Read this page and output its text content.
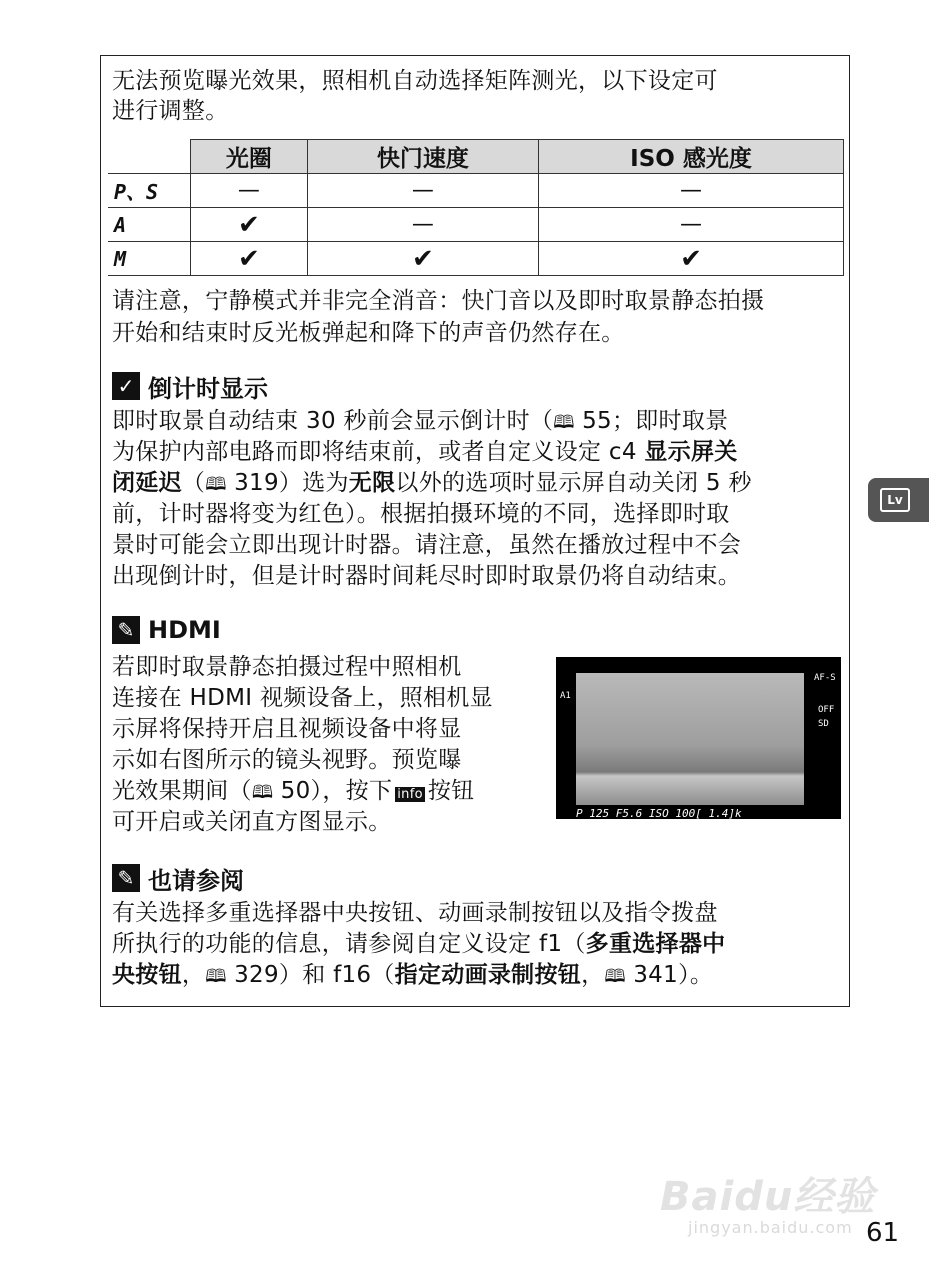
无法预览曝光效果，照相机自动选择矩阵测光，以下设定可

进行调整。

	光圈	快门速度	ISO 感光度
P、S	—	—	—
A	✔	—	—
M	✔	✔	✔

请注意，宁静模式并非完全消音：快门音以及即时取景静态拍摄

开始和结束时反光板弹起和降下的声音仍然存在。

✓ 倒计时显示

即时取景自动结束 30 秒前会显示倒计时（🕮 55；即时取景

为保护内部电路而即将结束前，或者自定义设定 c4 显示屏关

闭延迟（🕮 319）选为无限以外的选项时显示屏自动关闭 5 秒

前，计时器将变为红色）。根据拍摄环境的不同，选择即时取

景时可能会立即出现计时器。请注意，虽然在播放过程中不会

出现倒计时，但是计时器时间耗尽时即时取景仍将自动结束。

✎ HDMI

若即时取景静态拍摄过程中照相机

连接在 HDMI 视频设备上，照相机显

示屏将保持开启且视频设备中将显

示如右图所示的镜头视野。预览曝

光效果期间（🕮 50），按下 info 按钮

可开启或关闭直方图显示。

A1
AF-S
OFF
SD
P 125 F5.6 ISO 100[ 1.4]k
✎ 也请参阅

有关选择多重选择器中央按钮、动画录制按钮以及指令拨盘

所执行的功能的信息，请参阅自定义设定 f1（多重选择器中

央按钮，🕮 329）和 f16（指定动画录制按钮，🕮 341）。

Lv
Baidu经验
jingyan.baidu.com 61
